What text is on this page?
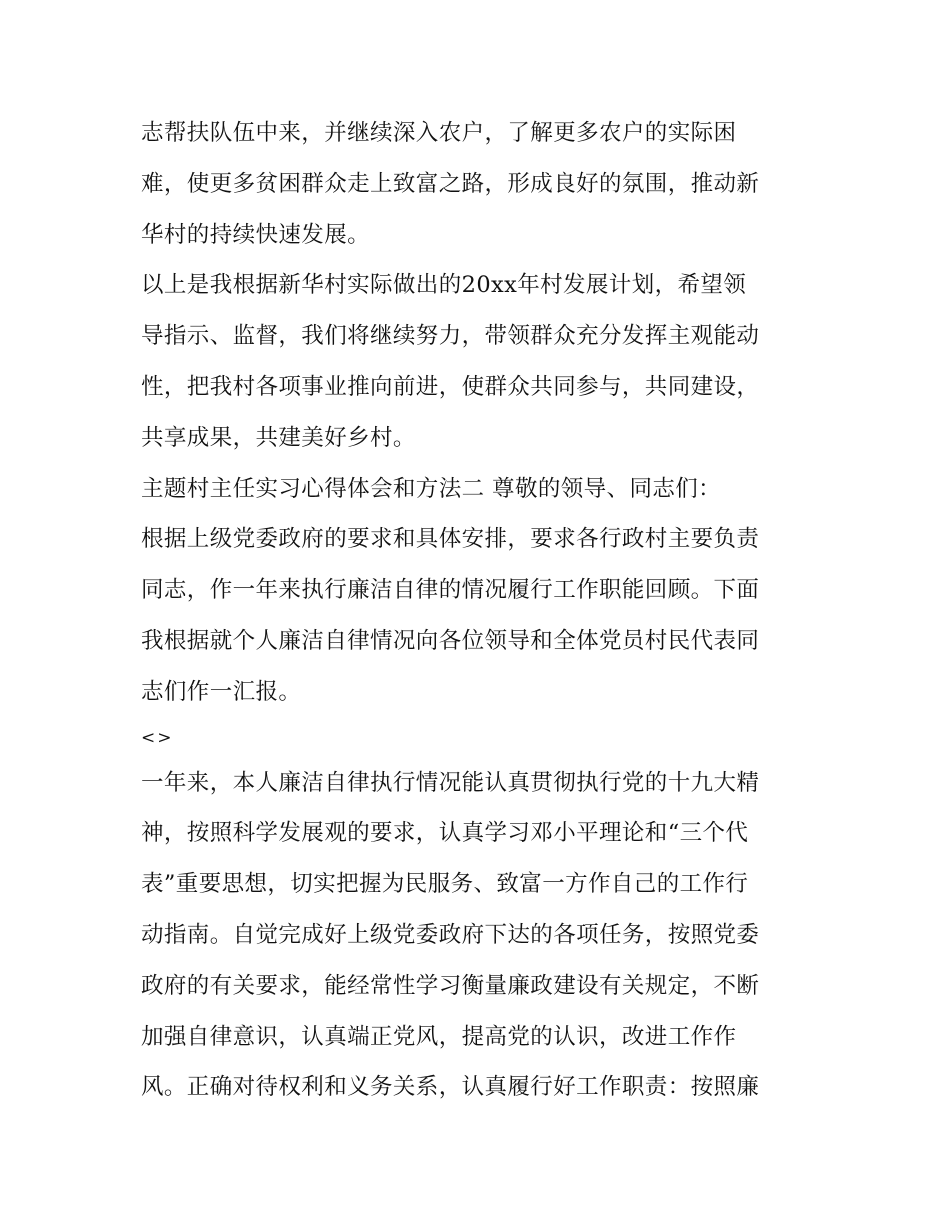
志帮扶队伍中来，并继续深入农户，了解更多农户的实际困
难，使更多贫困群众走上致富之路，形成良好的氛围，推动新
华村的持续快速发展。
以上是我根据新华村实际做出的20xx年村发展计划，希望领
导指示、监督，我们将继续努力，带领群众充分发挥主观能动
性，把我村各项事业推向前进，使群众共同参与，共同建设，
共享成果，共建美好乡村。
主题村主任实习心得体会和方法二 尊敬的领导、同志们：
根据上级党委政府的要求和具体安排，要求各行政村主要负责
同志，作一年来执行廉洁自律的情况履行工作职能回顾。下面
我根据就个人廉洁自律情况向各位领导和全体党员村民代表同
志们作一汇报。
<>
一年来，本人廉洁自律执行情况能认真贯彻执行党的十九大精
神，按照科学发展观的要求，认真学习邓小平理论和“三个代
表”重要思想，切实把握为民服务、致富一方作自己的工作行
动指南。自觉完成好上级党委政府下达的各项任务，按照党委
政府的有关要求，能经常性学习衡量廉政建设有关规定，不断
加强自律意识，认真端正党风，提高党的认识，改进工作作
风。正确对待权利和义务关系，认真履行好工作职责：按照廉
